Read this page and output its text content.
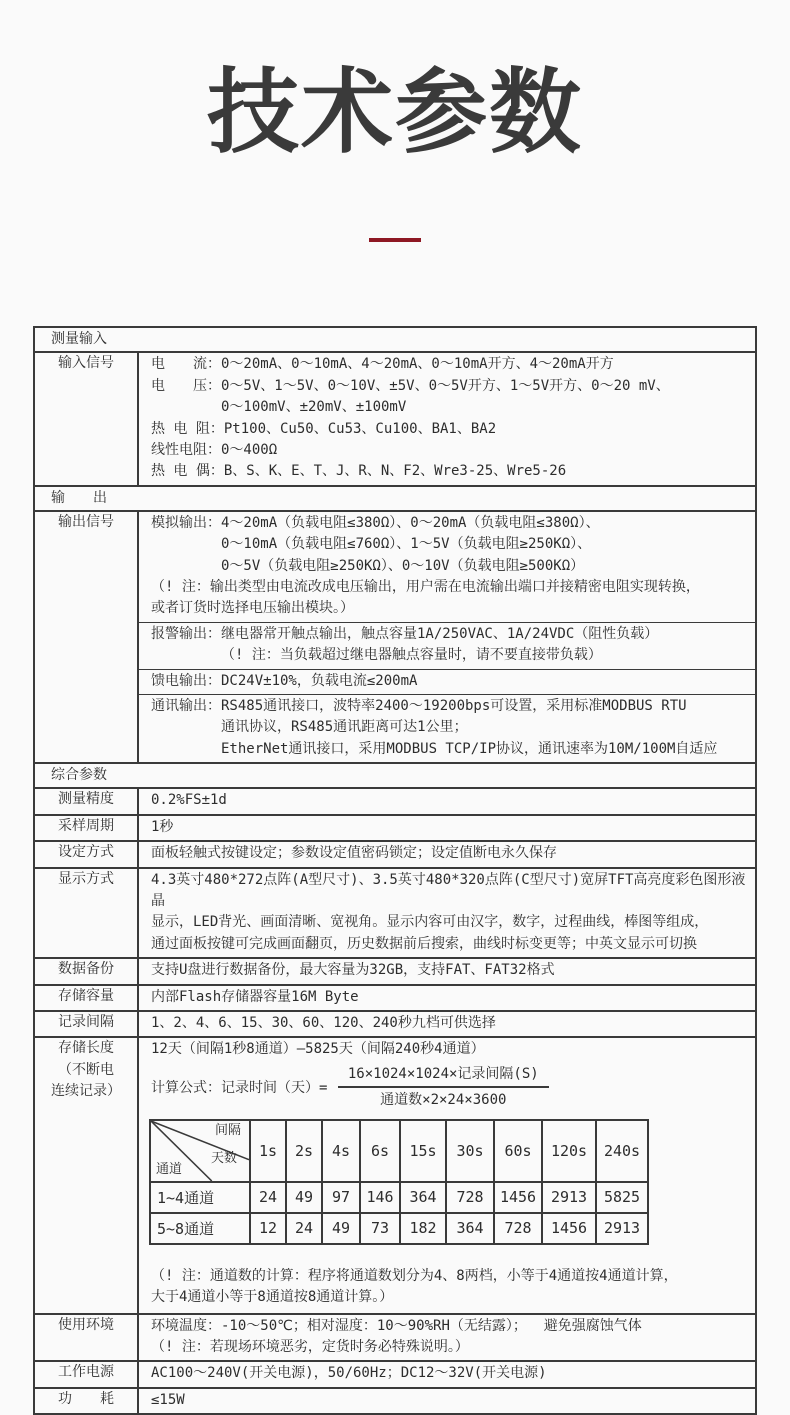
技术参数
测量输入

输入信号	电　　流：0～20mA、0～10mA、4～20mA、0～10mA开方、4～20mA开方
电　　压：0～5V、1～5V、0～10V、±5V、0～5V开方、1～5V开方、0～20 mV、
0～100mV、±20mV、±100mV
热 电 阻：Pt100、Cu50、Cu53、Cu100、BA1、BA2
线性电阻：0～400Ω
热 电 偶：B、S、K、E、T、J、R、N、F2、Wre3-25、Wre5-26

输　　出

输出信号	模拟输出：4～20mA（负载电阻≤380Ω）、0～20mA（负载电阻≤380Ω）、
0～10mA（负载电阻≤760Ω）、1～5V（负载电阻≥250KΩ）、
0～5V（负载电阻≥250KΩ）、0～10V（负载电阻≥500KΩ）
（! 注：输出类型由电流改成电压输出，用户需在电流输出端口并接精密电阻实现转换，
或者订货时选择电压输出模块。）
报警输出：继电器常开触点输出，触点容量1A/250VAC、1A/24VDC（阻性负载）
（! 注：当负载超过继电器触点容量时，请不要直接带负载）
馈电输出：DC24V±10%，负载电流≤200mA
通讯输出：RS485通讯接口，波特率2400～19200bps可设置，采用标准MODBUS RTU
通讯协议，RS485通讯距离可达1公里；
EtherNet通讯接口，采用MODBUS TCP/IP协议，通讯速率为10M/100M自适应

综合参数

测量精度	0.2%FS±1d

采样周期	1秒

设定方式	面板轻触式按键设定；参数设定值密码锁定；设定值断电永久保存

显示方式	4.3英寸480*272点阵(A型尺寸)、3.5英寸480*320点阵(C型尺寸)宽屏TFT高亮度彩色图形液晶
显示，LED背光、画面清晰、宽视角。显示内容可由汉字，数字，过程曲线，棒图等组成，
通过面板按键可完成画面翻页，历史数据前后搜索，曲线时标变更等；中英文显示可切换

数据备份	支持U盘进行数据备份，最大容量为32GB，支持FAT、FAT32格式

存储容量	内部Flash存储器容量16M Byte

记录间隔	1、2、4、6、15、30、60、120、240秒九档可供选择

存储长度
（不断电
连续记录）

12天（间隔1秒8通道）—5825天（间隔240秒4通道）
计算公式：记录时间（天）= $\frac{\text{16×1024×1024×记录间隔(S)}}{\text{通道数×2×24×3600}}$
间隔
天数
通道
	1s	2s	4s	6s	15s	30s	60s	120s	240s
1~4通道	24	49	97	146	364	728	1456	2913	5825
5~8通道	12	24	49	73	182	364	728	1456	2913
（! 注：通道数的计算：程序将通道数划分为4、8两档，小等于4通道按4通道计算，
大于4通道小等于8通道按8通道计算。）

使用环境	环境温度：-10～50℃；相对湿度：10～90%RH（无结露）；  避免强腐蚀气体
（! 注：若现场环境恶劣，定货时务必特殊说明。）

工作电源	AC100～240V(开关电源)，50/60Hz；DC12～32V(开关电源)

功　　耗	≤15W
